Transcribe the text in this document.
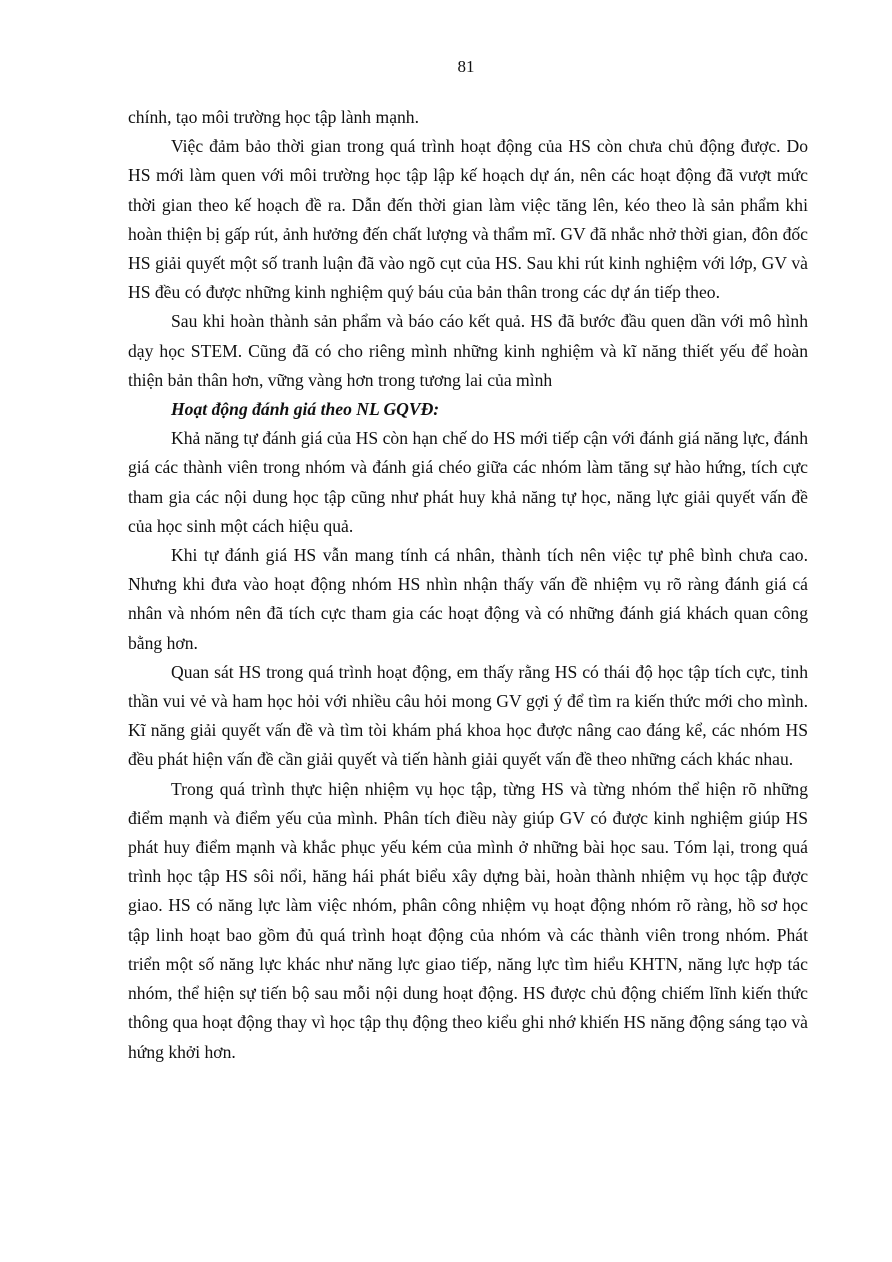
81

chính, tạo môi trường học tập lành mạnh.

Việc đảm bảo thời gian trong quá trình hoạt động của HS còn chưa chủ động được. Do HS mới làm quen với môi trường học tập lập kế hoạch dự án, nên các hoạt động đã vượt mức thời gian theo kế hoạch đề ra. Dẫn đến thời gian làm việc tăng lên, kéo theo là sản phẩm khi hoàn thiện bị gấp rút, ảnh hưởng đến chất lượng và thẩm mĩ. GV đã nhắc nhở thời gian, đôn đốc HS giải quyết một số tranh luận đã vào ngõ cụt của HS. Sau khi rút kinh nghiệm với lớp, GV và HS đều có được những kinh nghiệm quý báu của bản thân trong các dự án tiếp theo.

Sau khi hoàn thành sản phẩm và báo cáo kết quả. HS đã bước đầu quen dần với mô hình dạy học STEM. Cũng đã có cho riêng mình những kinh nghiệm và kĩ năng thiết yếu để hoàn thiện bản thân hơn, vững vàng hơn trong tương lai của mình

Hoạt động đánh giá theo NL GQVĐ:

Khả năng tự đánh giá của HS còn hạn chế do HS mới tiếp cận với đánh giá năng lực, đánh giá các thành viên trong nhóm và đánh giá chéo giữa các nhóm làm tăng sự hào hứng, tích cực tham gia các nội dung học tập cũng như phát huy khả năng tự học, năng lực giải quyết vấn đề của học sinh một cách hiệu quả.

Khi tự đánh giá HS vẫn mang tính cá nhân, thành tích nên việc tự phê bình chưa cao. Nhưng khi đưa vào hoạt động nhóm HS nhìn nhận thấy vấn đề nhiệm vụ rõ ràng đánh giá cá nhân và nhóm nên đã tích cực tham gia các hoạt động và có những đánh giá khách quan công bằng hơn.

Quan sát HS trong quá trình hoạt động, em thấy rằng HS có thái độ học tập tích cực, tinh thần vui vẻ và ham học hỏi với nhiều câu hỏi mong GV gợi ý để tìm ra kiến thức mới cho mình. Kĩ năng giải quyết vấn đề và tìm tòi khám phá khoa học được nâng cao đáng kể, các nhóm HS đều phát hiện vấn đề cần giải quyết và tiến hành giải quyết vấn đề theo những cách khác nhau.

Trong quá trình thực hiện nhiệm vụ học tập, từng HS và từng nhóm thể hiện rõ những điểm mạnh và điểm yếu của mình. Phân tích điều này giúp GV có được kinh nghiệm giúp HS phát huy điểm mạnh và khắc phục yếu kém của mình ở những bài học sau. Tóm lại, trong quá trình học tập HS sôi nổi, hăng hái phát biểu xây dựng bài, hoàn thành nhiệm vụ học tập được giao. HS có năng lực làm việc nhóm, phân công nhiệm vụ hoạt động nhóm rõ ràng, hồ sơ học tập linh hoạt bao gồm đủ quá trình hoạt động của nhóm và các thành viên trong nhóm. Phát triển một số năng lực khác như năng lực giao tiếp, năng lực tìm hiểu KHTN, năng lực hợp tác nhóm, thể hiện sự tiến bộ sau mỗi nội dung hoạt động. HS được chủ động chiếm lĩnh kiến thức thông qua hoạt động thay vì học tập thụ động theo kiểu ghi nhớ khiến HS năng động sáng tạo và hứng khởi hơn.
